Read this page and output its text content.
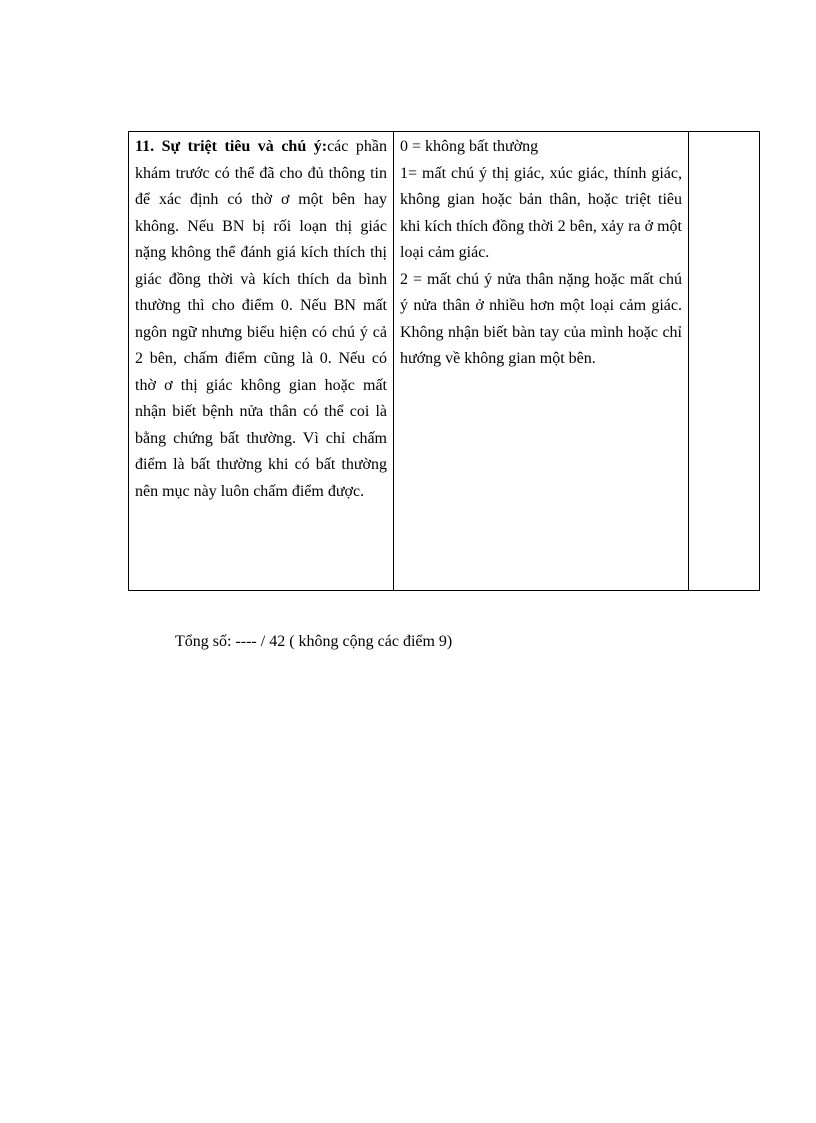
11. Sự triệt tiêu và chú ý:các phần khám trước có thể đã cho đủ thông tin để xác định có thờ ơ một bên hay không. Nếu BN bị rối loạn thị giác nặng không thể đánh giá kích thích thị giác đồng thời và kích thích da bình thường thì cho điểm 0. Nếu BN mất ngôn ngữ nhưng biểu hiện có chú ý cả 2 bên, chấm điểm cũng là 0. Nếu có thờ ơ thị giác không gian hoặc mất nhận biết bệnh nửa thân có thể coi là bằng chứng bất thường. Vì chỉ chấm điểm là bất thường khi có bất thường nên mục này luôn chấm điểm được.	
0 = không bất thường
1= mất chú ý thị giác, xúc giác, thính giác, không gian hoặc bản thân, hoặc triệt tiêu khi kích thích đồng thời 2 bên, xảy ra ở một loại cảm giác.
2 = mất chú ý nửa thân nặng hoặc mất chú ý nửa thân ở nhiều hơn một loại cảm giác. Không nhận biết bàn tay của mình hoặc chỉ hướng về không gian một bên.

Tổng số: ---- / 42 ( không cộng các điểm 9)
